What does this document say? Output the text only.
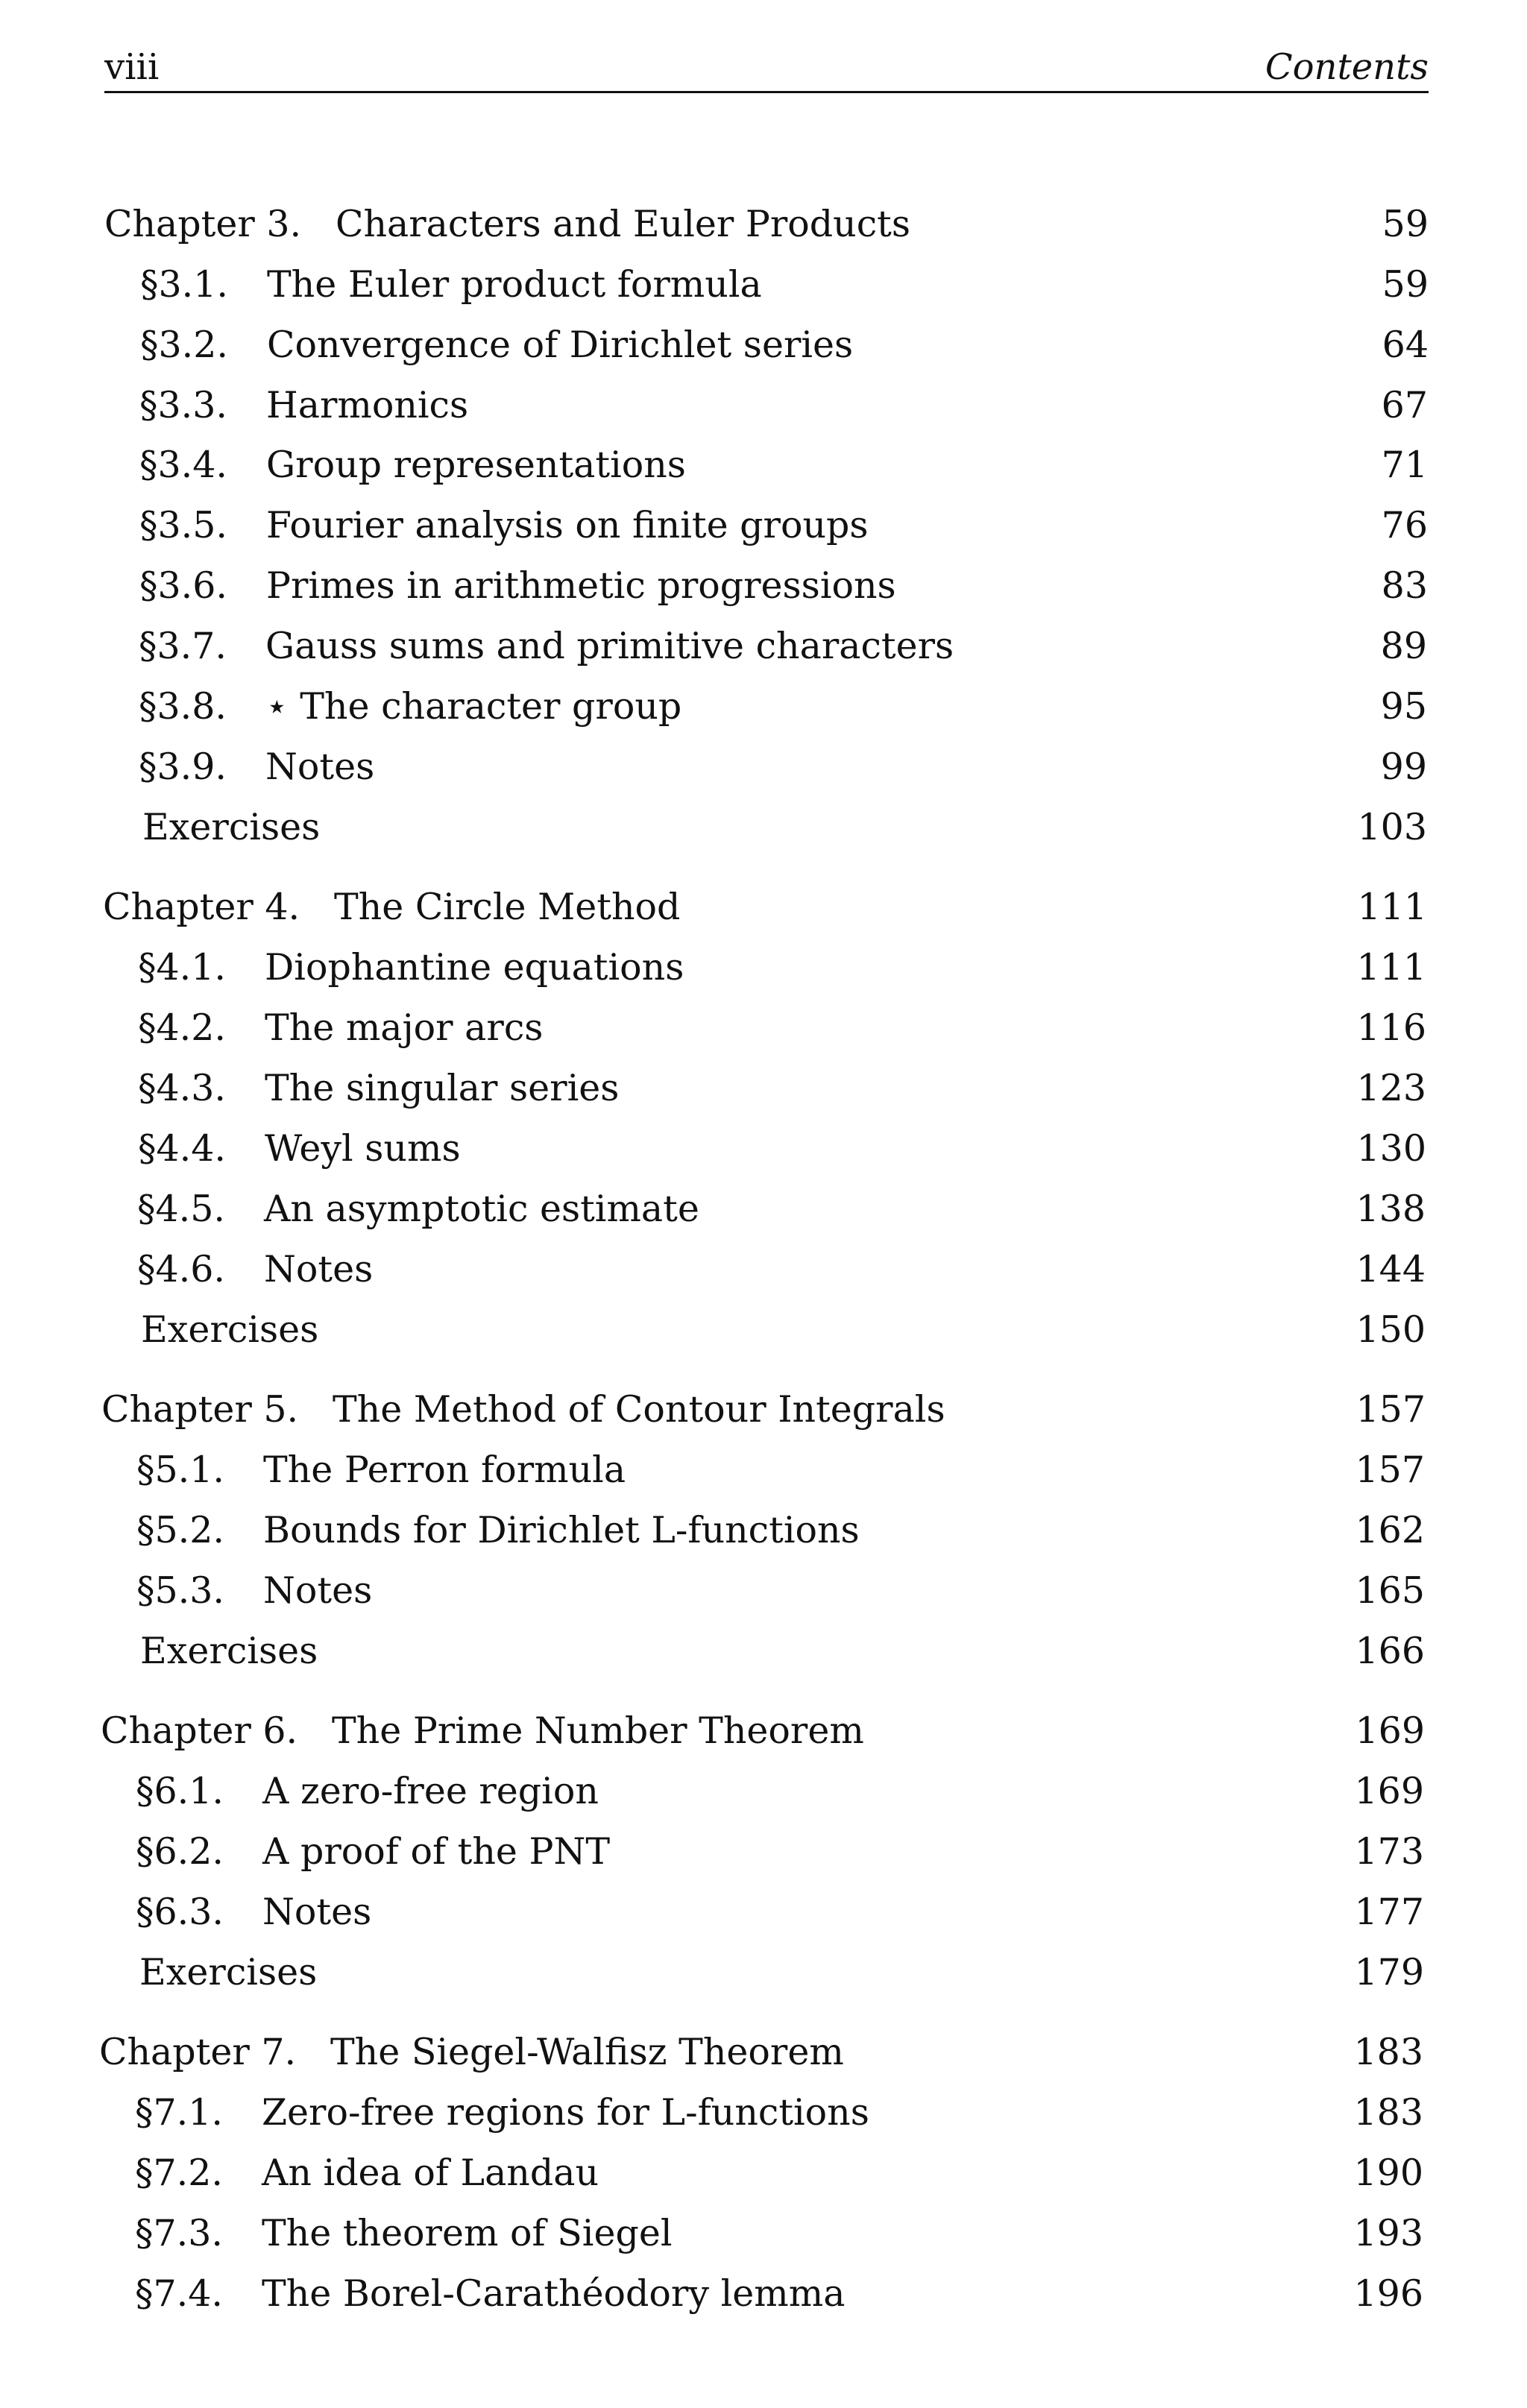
viii	Contents
Chapter 3. Characters and Euler Products	59
§3.1. The Euler product formula	59
§3.2. Convergence of Dirichlet series	64
§3.3. Harmonics	67
§3.4. Group representations	71
§3.5. Fourier analysis on finite groups	76
§3.6. Primes in arithmetic progressions	83
§3.7. Gauss sums and primitive characters	89
§3.8. ⋆ The character group	95
§3.9. Notes	99
Exercises	103
Chapter 4. The Circle Method	111
§4.1. Diophantine equations	111
§4.2. The major arcs	116
§4.3. The singular series	123
§4.4. Weyl sums	130
§4.5. An asymptotic estimate	138
§4.6. Notes	144
Exercises	150
Chapter 5. The Method of Contour Integrals	157
§5.1. The Perron formula	157
§5.2. Bounds for Dirichlet L-functions	162
§5.3. Notes	165
Exercises	166
Chapter 6. The Prime Number Theorem	169
§6.1. A zero-free region	169
§6.2. A proof of the PNT	173
§6.3. Notes	177
Exercises	179
Chapter 7. The Siegel-Walfisz Theorem	183
§7.1. Zero-free regions for L-functions	183
§7.2. An idea of Landau	190
§7.3. The theorem of Siegel	193
§7.4. The Borel-Carathéodory lemma	196
